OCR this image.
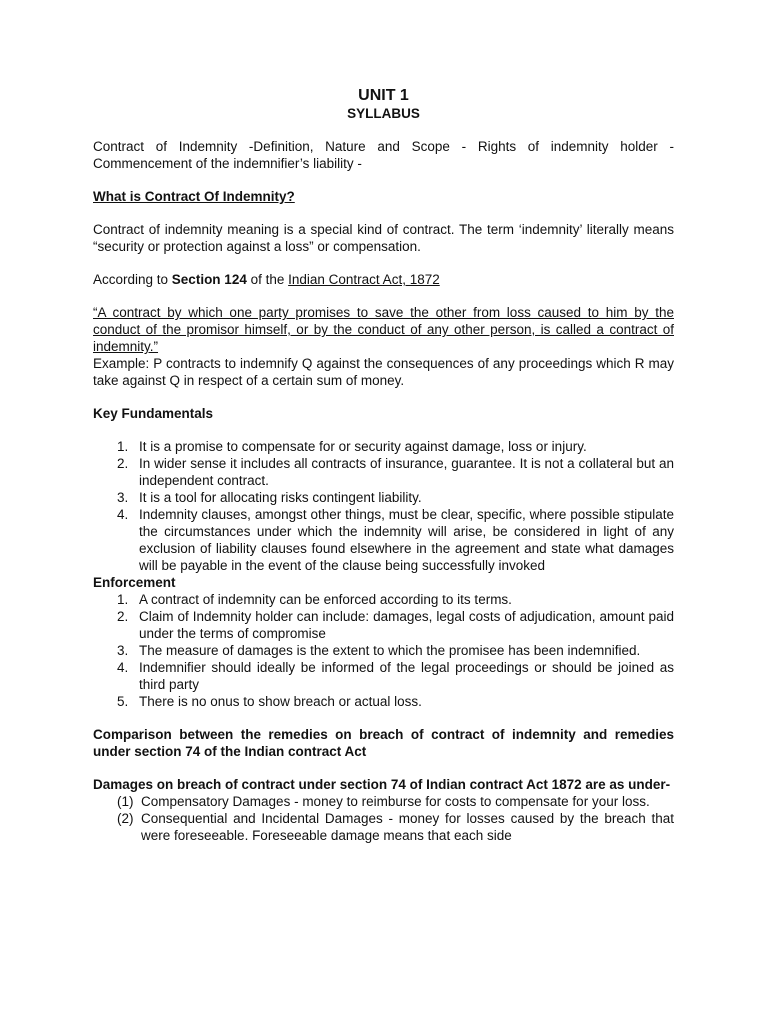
UNIT 1
SYLLABUS

Contract of Indemnity -Definition, Nature and Scope - Rights of indemnity holder - Commencement of the indemnifier’s liability -

What is Contract Of Indemnity?

Contract of indemnity meaning is a special kind of contract. The term ‘indemnity’ literally means “security or protection against a loss” or compensation.

According to Section 124 of the Indian Contract Act, 1872

“A contract by which one party promises to save the other from loss caused to him by the conduct of the promisor himself, or by the conduct of any other person, is called a contract of indemnity.”

Example: P contracts to indemnify Q against the consequences of any proceedings which R may take against Q in respect of a certain sum of money.

Key Fundamentals

1. It is a promise to compensate for or security against damage, loss or injury.
2. In wider sense it includes all contracts of insurance, guarantee. It is not a collateral but an independent contract.
3. It is a tool for allocating risks contingent liability.
4. Indemnity clauses, amongst other things, must be clear, specific, where possible stipulate the circumstances under which the indemnity will arise, be considered in light of any exclusion of liability clauses found elsewhere in the agreement and state what damages will be payable in the event of the clause being successfully invoked

Enforcement

1. A contract of indemnity can be enforced according to its terms.
2. Claim of Indemnity holder can include: damages, legal costs of adjudication, amount paid under the terms of compromise
3. The measure of damages is the extent to which the promisee has been indemnified.
4. Indemnifier should ideally be informed of the legal proceedings or should be joined as third party
5. There is no onus to show breach or actual loss.

Comparison between the remedies on breach of contract of indemnity and remedies under section 74 of the Indian contract Act

Damages on breach of contract under section 74 of Indian contract Act 1872 are as under-

(1) Compensatory Damages - money to reimburse for costs to compensate for your loss.
(2) Consequential and Incidental Damages - money for losses caused by the breach that were foreseeable. Foreseeable damage means that each side
